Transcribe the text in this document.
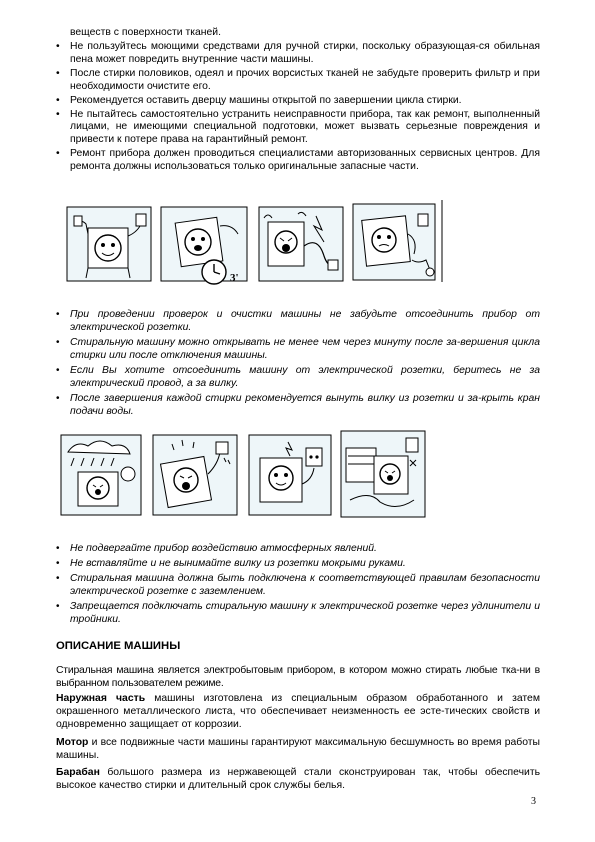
веществ с поверхности тканей.
• Не пользуйтесь моющими средствами для ручной стирки, поскольку образующая-ся обильная пена может повредить внутренние части машины.
• После стирки половиков, одеял и прочих ворсистых тканей не забудьте проверить фильтр и при необходимости очистите его.
• Рекомендуется оставить дверцу машины открытой по завершении цикла стирки.
• Не пытайтесь самостоятельно устранить неисправности прибора, так как ремонт, выполненный лицами, не имеющими специальной подготовки, может вызвать серьезные повреждения и привести к потере права на гарантийный ремонт.
• Ремонт прибора должен проводиться специалистами авторизованных сервисных центров. Для ремонта должны использоваться только оригинальные запасные части.
3'
•	При проведении проверок и очистки машины не забудьте отсоединить прибор от электрической розетки.
•	Стиральную машину можно открывать не менее чем через минуту после за-вершения цикла стирки или после отключения машины.
•	Если Вы хотите отсоединить машину от электрической розетки, беритесь не за электрический провод, а за вилку.
•	После завершения каждой стирки рекомендуется вынуть вилку из розетки и за-крыть кран подачи воды.
•	Не подвергайте прибор воздействию атмосферных явлений.
•	Не вставляйте и не вынимайте вилку из розетки мокрыми руками.
•	Стиральная машина должна быть подключена к соответствующей правилам безопасности электрической розетке с заземлением.
•	Запрещается подключать стиральную машину к электрической розетке через удлинители и тройники.
ОПИСАНИЕ МАШИНЫ
Стиральная машина является электробытовым прибором, в котором можно стирать любые тка-ни в выбранном пользователем режиме.
Наружная часть машины изготовлена из специальным образом обработанного и затем окрашенного металлического листа, что обеспечивает неизменность ее эсте-тических свойств и одновременно защищает от коррозии.
Мотор и все подвижные части машины гарантируют максимальную бесшумность во время работы машины.
Барабан большого размера из нержавеющей стали сконструирован так, чтобы обеспечить высокое качество стирки и длительный срок службы белья.
3
